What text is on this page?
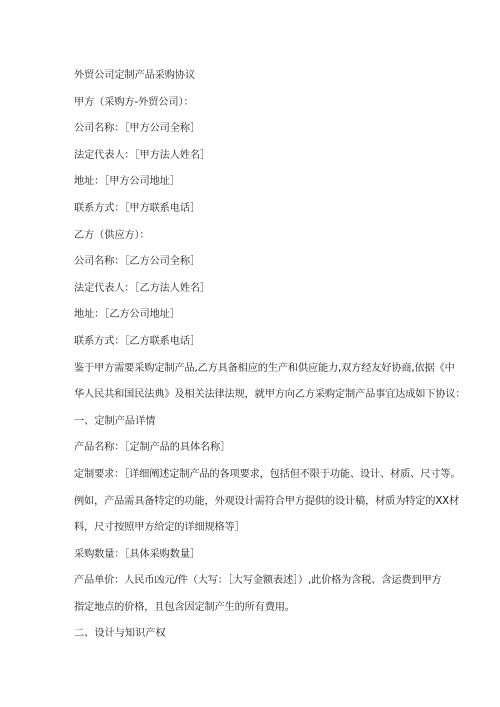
外贸公司定制产品采购协议
甲方（采购方-外贸公司）：
公司名称：［甲方公司全称］
法定代表人：［甲方法人姓名］
地址：［甲方公司地址］
联系方式：［甲方联系电话］
乙方（供应方）：
公司名称：［乙方公司全称］
法定代表人：［乙方法人姓名］
地址：［乙方公司地址］
联系方式：［乙方联系电话］
鉴于甲方需要采购定制产品,乙方具备相应的生产和供应能力,双方经友好协商,依据《中
华人民共和国民法典》及相关法律法规，就甲方向乙方采购定制产品事宜达成如下协议：
一、定制产品详情
产品名称：［定制产品的具体名称］
定制要求：［详细阐述定制产品的各项要求，包括但不限于功能、设计、材质、尺寸等。
例如，产品需具备特定的功能，外观设计需符合甲方提供的设计稿，材质为特定的XX材
料，尺寸按照甲方给定的详细规格等］
采购数量：［具体采购数量］
产品单价：人民币凶元/件（大写：［大写金额表述］）,此价格为含税、含运费到甲方
指定地点的价格，且包含因定制产生的所有费用。
二、设计与知识产权
